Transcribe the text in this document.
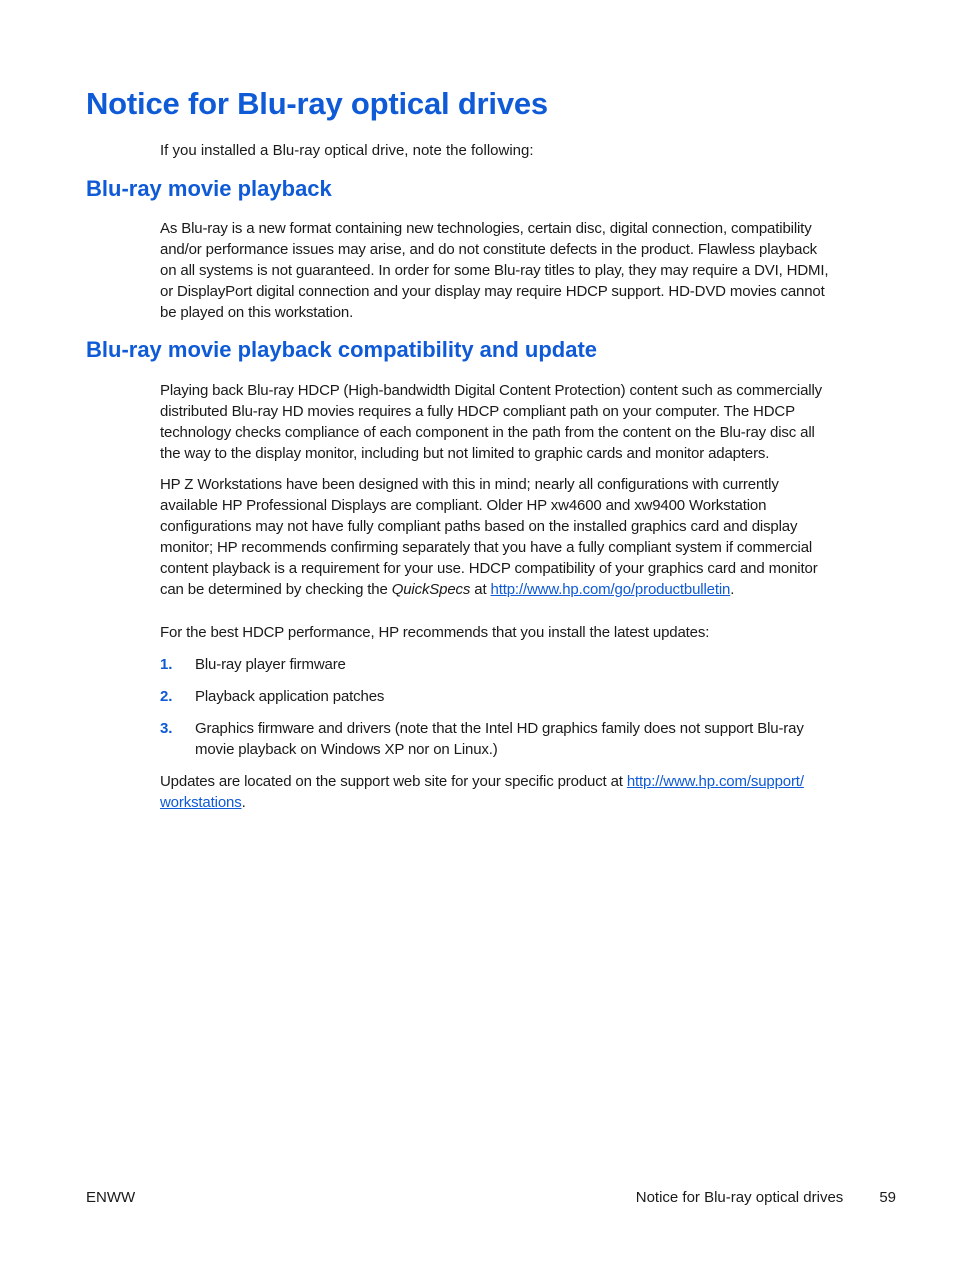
Notice for Blu-ray optical drives

If you installed a Blu-ray optical drive, note the following:

Blu-ray movie playback
As Blu-ray is a new format containing new technologies, certain disc, digital connection, compatibility
and/or performance issues may arise, and do not constitute defects in the product. Flawless playback
on all systems is not guaranteed. In order for some Blu-ray titles to play, they may require a DVI, HDMI,
or DisplayPort digital connection and your display may require HDCP support. HD-DVD movies cannot
be played on this workstation.
Blu-ray movie playback compatibility and update
Playing back Blu-ray HDCP (High-bandwidth Digital Content Protection) content such as commercially
distributed Blu-ray HD movies requires a fully HDCP compliant path on your computer. The HDCP
technology checks compliance of each component in the path from the content on the Blu-ray disc all
the way to the display monitor, including but not limited to graphic cards and monitor adapters.
HP Z Workstations have been designed with this in mind; nearly all configurations with currently
available HP Professional Displays are compliant. Older HP xw4600 and xw9400 Workstation
configurations may not have fully compliant paths based on the installed graphics card and display
monitor; HP recommends confirming separately that you have a fully compliant system if commercial
content playback is a requirement for your use. HDCP compatibility of your graphics card and monitor
can be determined by checking the QuickSpecs at http://www.hp.com/go/productbulletin.

For the best HDCP performance, HP recommends that you install the latest updates:

1. Blu-ray player firmware
2. Playback application patches
3. Graphics firmware and drivers (note that the Intel HD graphics family does not support Blu-ray
movie playback on Windows XP nor on Linux.)
Updates are located on the support web site for your specific product at http://www.hp.com/support/
workstations.
ENWW	Notice for Blu-ray optical drives 59
